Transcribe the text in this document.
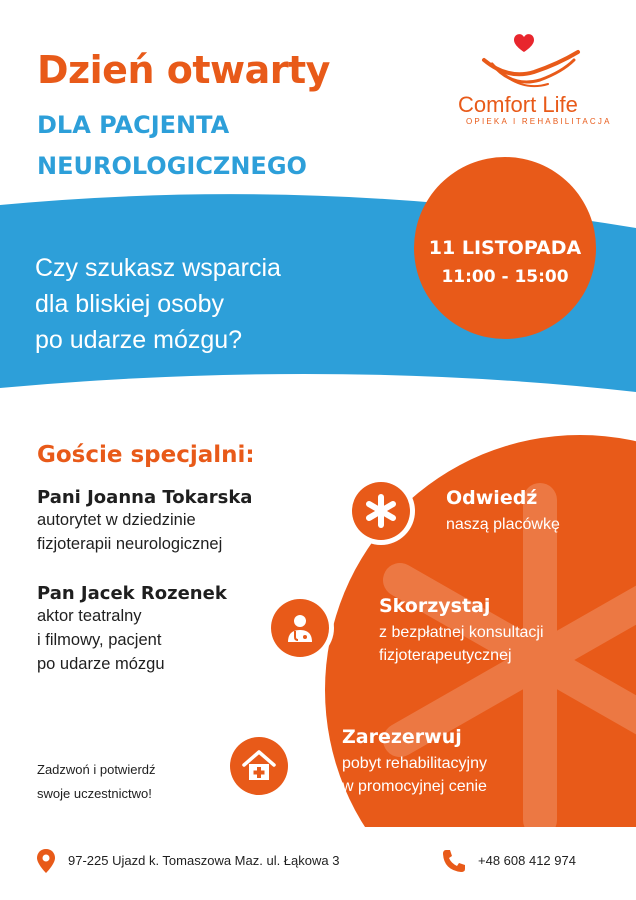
Dzień otwarty
DLA PACJENTA
NEUROLOGICZNEGO
Comfort Life
OPIEKA I REHABILITACJA
Czy szukasz wsparcia
dla bliskiej osoby
po udarze mózgu?
11 LISTOPADA
11:00 - 15:00
Goście specjalni:
Pani Joanna Tokarska
autorytet w dziedzinie
fizjoterapii neurologicznej
Pan Jacek Rozenek
aktor teatralny
i filmowy, pacjent
po udarze mózgu
Odwiedź
naszą placówkę
Skorzystaj
z bezpłatnej konsultacji
fizjoterapeutycznej
Zarezerwuj
pobyt rehabilitacyjny
w promocyjnej cenie
Zadzwoń i potwierdź
swoje uczestnictwo!
97-225 Ujazd k. Tomaszowa Maz. ul. Łąkowa 3	+48 608 412 974
